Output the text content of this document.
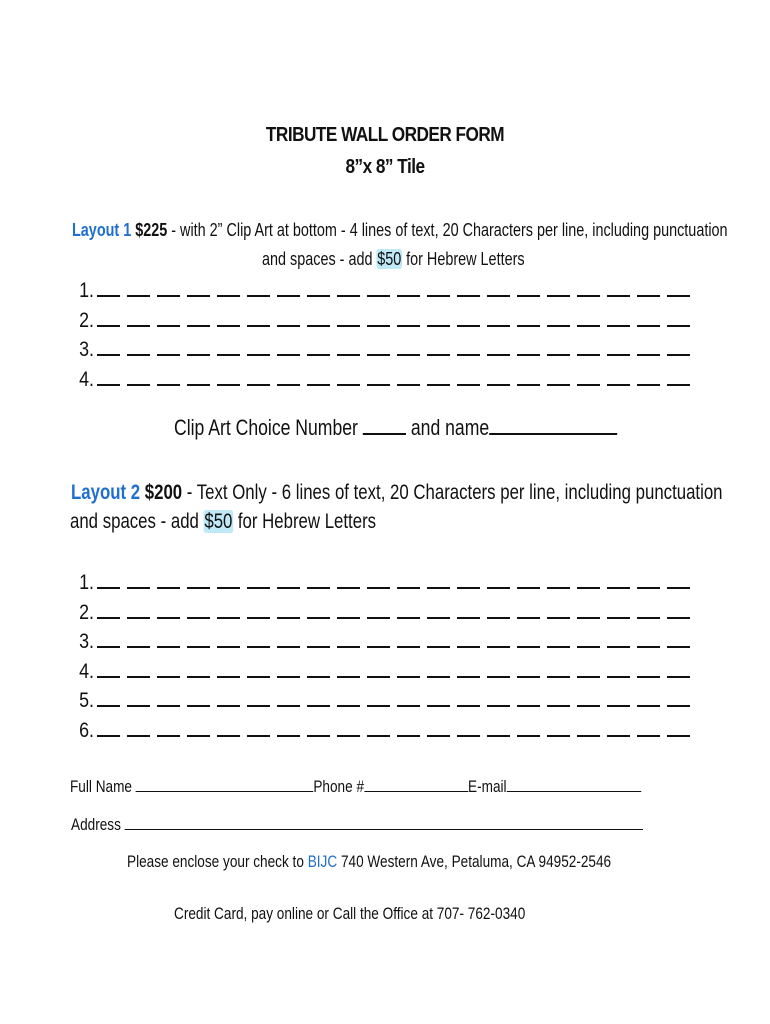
TRIBUTE WALL ORDER FORM
8”x 8” Tile
Layout 1 $225 - with 2” Clip Art at bottom - 4 lines of text, 20 Characters per line, including punctuation
and spaces - add $50 for Hebrew Letters
1.
2.
3.
4.
Clip Art Choice Number  and name
Layout 2 $200 - Text Only - 6 lines of text, 20 Characters per line, including punctuation
and spaces - add $50 for Hebrew Letters
1.
2.
3.
4.
5.
6.
Full Name	Phone #	E-mail
Address
Please enclose your check to BIJC 740 Western Ave, Petaluma, CA 94952-2546
Credit Card, pay online or Call the Office at 707- 762-0340
